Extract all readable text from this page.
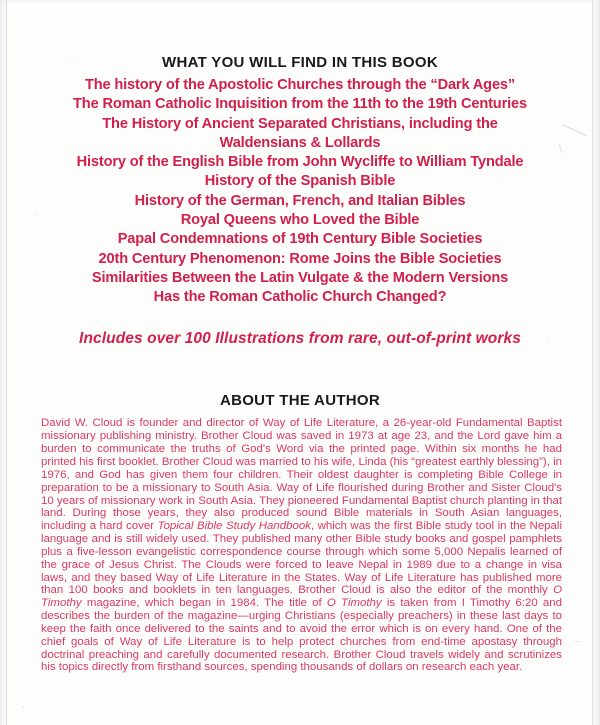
WHAT YOU WILL FIND IN THIS BOOK
The history of the Apostolic Churches through the “Dark Ages”
The Roman Catholic Inquisition from the 11th to the 19th Centuries
The History of Ancient Separated Christians, including the
Waldensians & Lollards
History of the English Bible from John Wycliffe to William Tyndale
History of the Spanish Bible
History of the German, French, and Italian Bibles
Royal Queens who Loved the Bible
Papal Condemnations of 19th Century Bible Societies
20th Century Phenomenon: Rome Joins the Bible Societies
Similarities Between the Latin Vulgate & the Modern Versions
Has the Roman Catholic Church Changed?
Includes over 100 Illustrations from rare, out-of-print works
ABOUT THE AUTHOR

David W. Cloud is founder and director of Way of Life Literature, a 26-year-old Fundamental Baptist missionary publishing ministry. Brother Cloud was saved in 1973 at age 23, and the Lord gave him a burden to communicate the truths of God's Word via the printed page. Within six months he had printed his first booklet. Brother Cloud was married to his wife, Linda (his “greatest earthly blessing”), in 1976, and God has given them four children. Their oldest daughter is completing Bible College in preparation to be a missionary to South Asia. Way of Life flourished during Brother and Sister Cloud's 10 years of missionary work in South Asia. They pioneered Fundamental Baptist church planting in that land. During those years, they also produced sound Bible materials in South Asian languages, including a hard cover Topical Bible Study Handbook, which was the first Bible study tool in the Nepali language and is still widely used. They published many other Bible study books and gospel pamphlets plus a five-lesson evangelistic correspondence course through which some 5,000 Nepalis learned of the grace of Jesus Christ. The Clouds were forced to leave Nepal in 1989 due to a change in visa laws, and they based Way of Life Literature in the States. Way of Life Literature has published more than 100 books and booklets in ten languages. Brother Cloud is also the editor of the monthly O Timothy magazine, which began in 1984. The title of O Timothy is taken from I Timothy 6:20 and describes the burden of the magazine—urging Christians (especially preachers) in these last days to keep the faith once delivered to the saints and to avoid the error which is on every hand. One of the chief goals of Way of Life Literature is to help protect churches from end-time apostasy through doctrinal preaching and carefully documented research. Brother Cloud travels widely and scrutinizes his topics directly from firsthand sources, spending thousands of dollars on research each year.
